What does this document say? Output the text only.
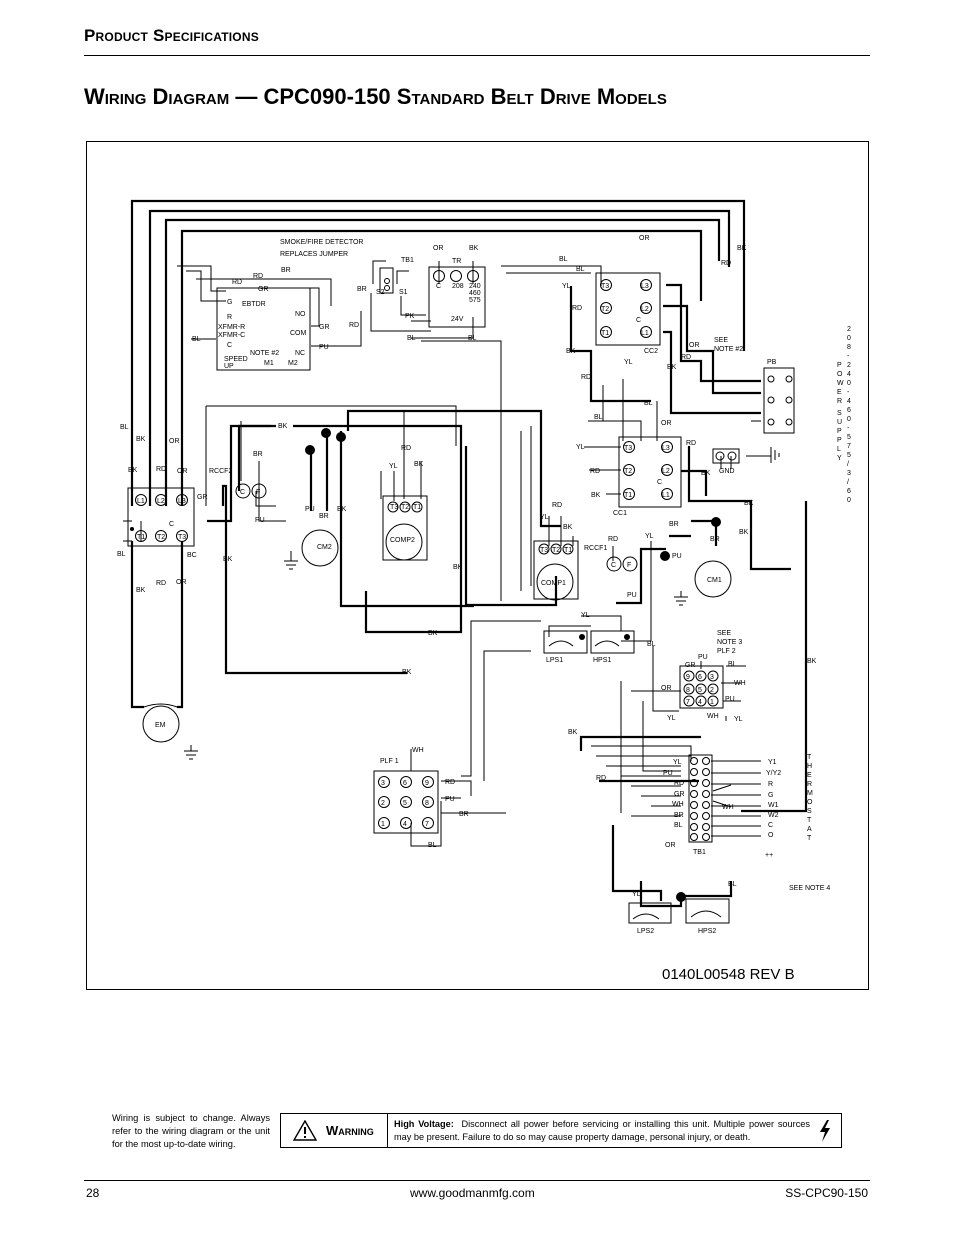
Product Specifications
Wiring Diagram — CPC090-150 Standard Belt Drive Models
SMOKE/FIRE DETECTOR
REPLACES JUMPER
TB1
OR	BK
TR
C 208 240
460
575
24V
S2 S1
PK
BL	BL
BR
RD
BR
RD
RD
GR
EBTDR
G
R
C
XFMR-R
XFMR-C
SPEED
UP
NO
COM
NC
GR
PU
NOTE #2
M1 M2
BL
BL
BL
YL
RD
OR
RD
BK
T3	L3
T2	L2
T1	L1
C
CC2
BK
YL
OR
RD
SEE
NOTE #2
PB
BK
RD
BL
BL
OR
RD
YL
RD
BK
T3	L3
T2	L2
T1	L1
C
CC1
BK GND
BK
BR
YL	BR
BK
PU
CM1
RD
YL
BK
RCCF1
RD
C F
T3 T2 T1
COMP1
PU
YL
BL
LPS1	HPS1
SEE
NOTE 3
PLF 2
GR
PU
BL
WH
OR
PU
YL	WH YL
9 6 3
8 5 2
7 4 1
BK
BK
YL
PU
RD
GR
WH
BR
BL
OR
RD
WH
TB1
Y1
Y/Y2
R
G
W1
W2
C
O
++
SEE NOTE 4
BL
YL
LPS2	HPS2
PLF 1
WH
3	6	9
2	5	8
1	4	7
RD
PU
BR
BL
BK
BK
BK
RD
YL BK
T3 T2 T1
COMP2
BK
BR
RCCF2
C F
PU
PU	BK
BR
CM2
BK
BL
BK	OR
BK	RD OR
GR
L1 L2 L3
T1 T2 T3
C
BL	BC
BK
RD OR
EM
2 0 8 -2 4 0 -4 6 0 -5 7 5 / 3 / 6 0
P O W E R S U P P L Y
T H E R M O S T A T
0140L00548 REV B
Wiring is subject to change. Always refer to the wiring diagram or the unit for the most up-to-date wiring.
Warning High Voltage: Disconnect all power before servicing or installing this unit. Multiple power sources may be present. Failure to do so may cause property damage, personal injury, or death.
28	www.goodmanmfg.com	SS-CPC90-150
